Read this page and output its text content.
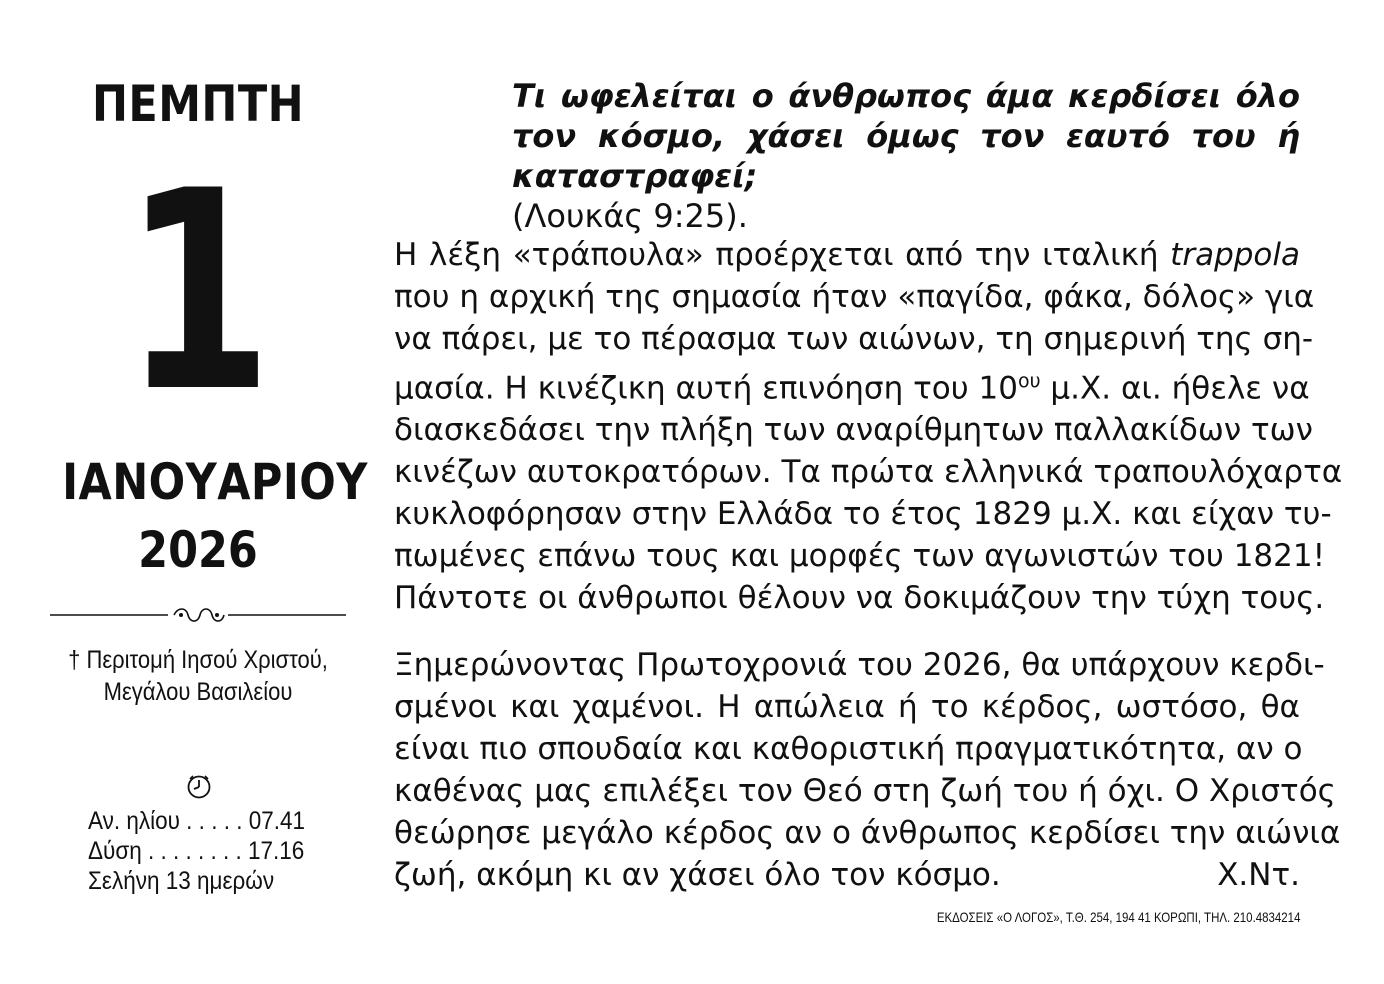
ΠΕΜΠΤΗ
1
ΙΑΝΟΥΑΡΙΟΥ
2026
† Περιτομή Ιησού Χριστού,
Μεγάλου Βασιλείου
Αν. ηλίου . . . . . 07.41
Δύση . . . . . . . . 17.16
Σελήνη 13 ημερών
Τι ωφελείται ο άνθρωπος άμα κερδίσει όλο τον κόσμο, χάσει όμως τον εαυτό του ή καταστραφεί;
(Λουκάς 9:25).
Η λέξη «τράπουλα» προέρχεται από την ιταλική trappola
που η αρχική της σημασία ήταν «παγίδα, φάκα, δόλος» για
να πάρει, με το πέρασμα των αιώνων, τη σημερινή της ση-
μασία. Η κινέζικη αυτή επινόηση του $10^{o\upsilon}$ μ.Χ. αι. ήθελε να
διασκεδάσει την πλήξη των αναρίθμητων παλλακίδων των
κινέζων αυτοκρατόρων. Τα πρώτα ελληνικά τραπουλόχαρτα
κυκλοφόρησαν στην Ελλάδα το έτος 1829 μ.Χ. και είχαν τυ-
πωμένες επάνω τους και μορφές των αγωνιστών του 1821!
Πάντοτε οι άνθρωποι θέλουν να δοκιμάζουν την τύχη τους.
Ξημερώνοντας Πρωτοχρονιά του 2026, θα υπάρχουν κερδι-
σμένοι και χαμένοι. Η απώλεια ή το κέρδος, ωστόσο, θα
είναι πιο σπουδαία και καθοριστική πραγματικότητα, αν ο
καθένας μας επιλέξει τον Θεό στη ζωή του ή όχι. Ο Χριστός
θεώρησε μεγάλο κέρδος αν ο άνθρωπος κερδίσει την αιώνια
ζωή, ακόμη κι αν χάσει όλο τον κόσμο.	Χ.Ντ.
ΕΚΔΟΣΕΙΣ «Ο ΛΟΓΟΣ», Τ.Θ. 254, 194 41 ΚΟΡΩΠΙ, ΤΗΛ. 210.4834214
